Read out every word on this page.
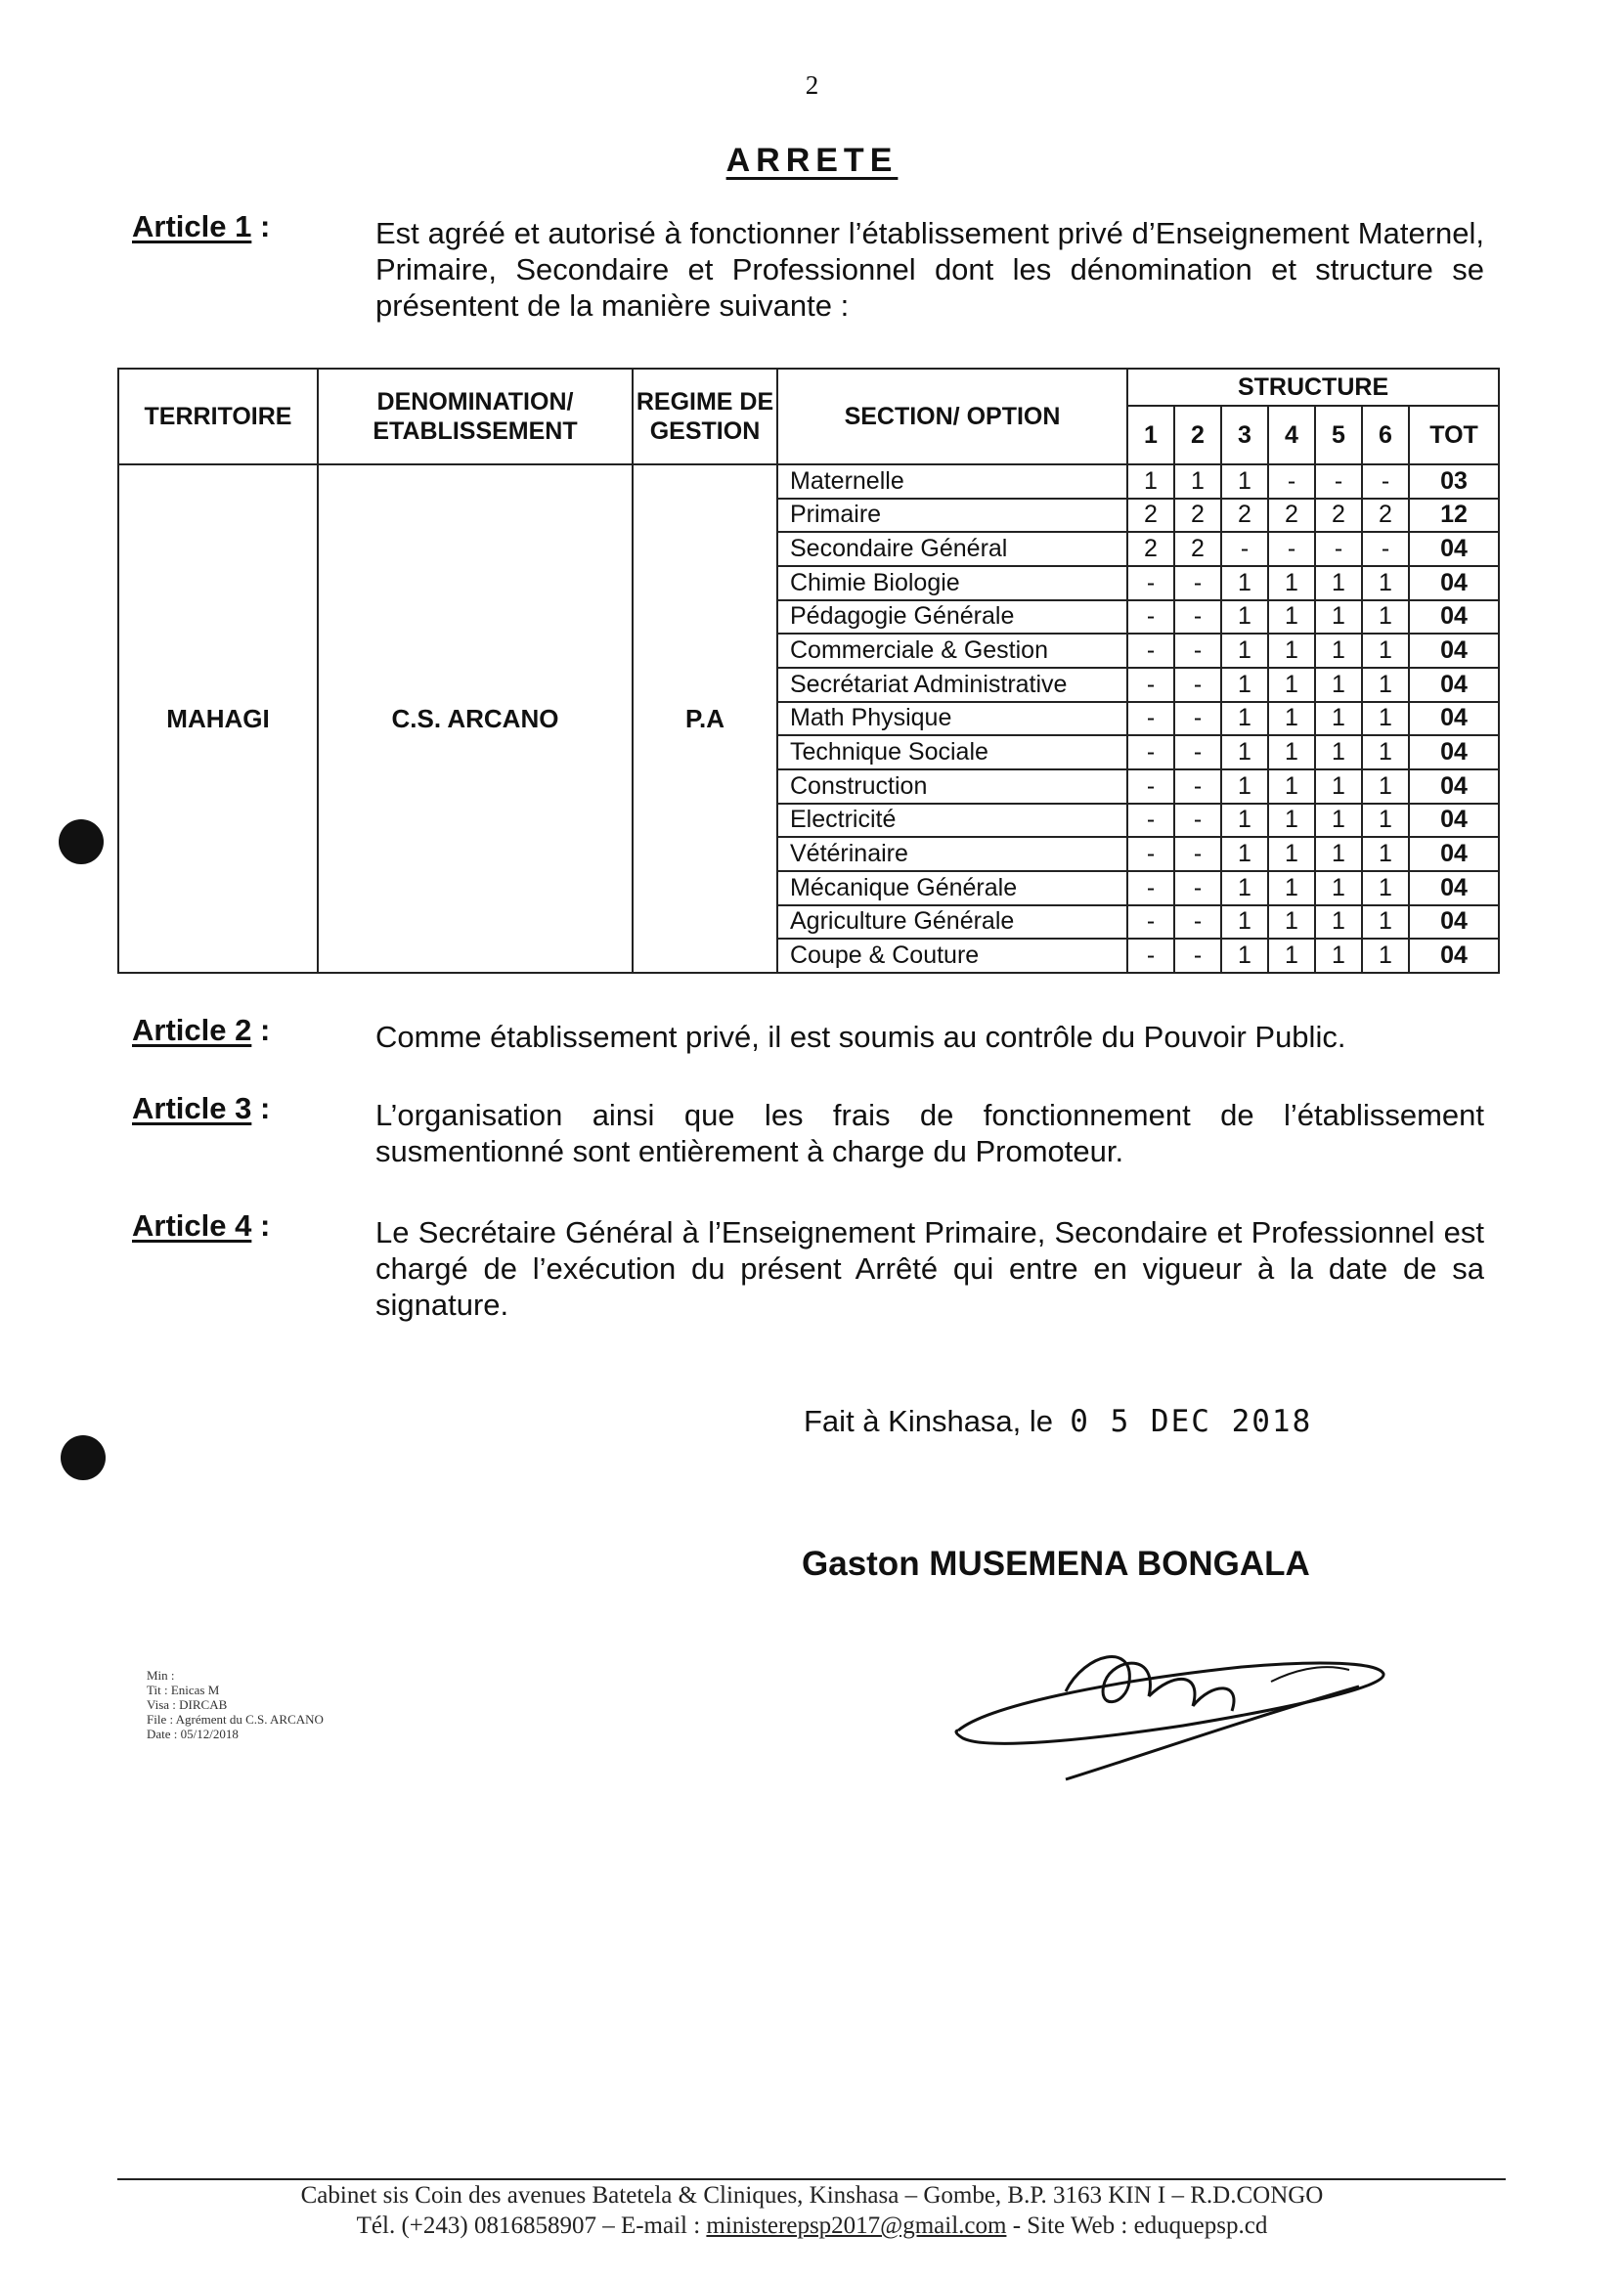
2
ARRETE
Article 1 :	Est agréé et autorisé à fonctionner l’établissement privé d’Enseignement Maternel, Primaire, Secondaire et Professionnel dont les dénomination et structure se présentent de la manière suivante :
TERRITOIRE	DENOMINATION/ ETABLISSEMENT	REGIME DE GESTION	SECTION/ OPTION	STRUCTURE						
				1	2	3	4	5	6	TOT
MAHAGI	C.S. ARCANO	P.A	Maternelle	1	1	1	-	-	-	03
			Primaire	2	2	2	2	2	2	12
			Secondaire Général	2	2	-	-	-	-	04
			Chimie Biologie	-	-	1	1	1	1	04
			Pédagogie Générale	-	-	1	1	1	1	04
			Commerciale & Gestion	-	-	1	1	1	1	04
			Secrétariat Administrative	-	-	1	1	1	1	04
			Math Physique	-	-	1	1	1	1	04
			Technique Sociale	-	-	1	1	1	1	04
			Construction	-	-	1	1	1	1	04
			Electricité	-	-	1	1	1	1	04
			Vétérinaire	-	-	1	1	1	1	04
			Mécanique Générale	-	-	1	1	1	1	04
			Agriculture Générale	-	-	1	1	1	1	04
			Coupe & Couture	-	-	1	1	1	1	04
Article 2 :	Comme établissement privé, il est soumis au contrôle du Pouvoir Public.
Article 3 :	L’organisation ainsi que les frais de fonctionnement de l’établissement susmentionné sont entièrement à charge du Promoteur.
Article 4 :	Le Secrétaire Général à l’Enseignement Primaire, Secondaire et Professionnel est chargé de l’exécution du présent Arrêté qui entre en vigueur à la date de sa signature.
Fait à Kinshasa, le 0 5 DEC 2018
Gaston MUSEMENA BONGALA
Min :
Tit : Enicas M
Visa : DIRCAB
File : Agrément du C.S. ARCANO
Date : 05/12/2018
Cabinet sis Coin des avenues Batetela & Cliniques, Kinshasa – Gombe, B.P. 3163 KIN I – R.D.CONGO
Tél. (+243) 0816858907 – E-mail : ministerepsp2017@gmail.com - Site Web : eduquepsp.cd
